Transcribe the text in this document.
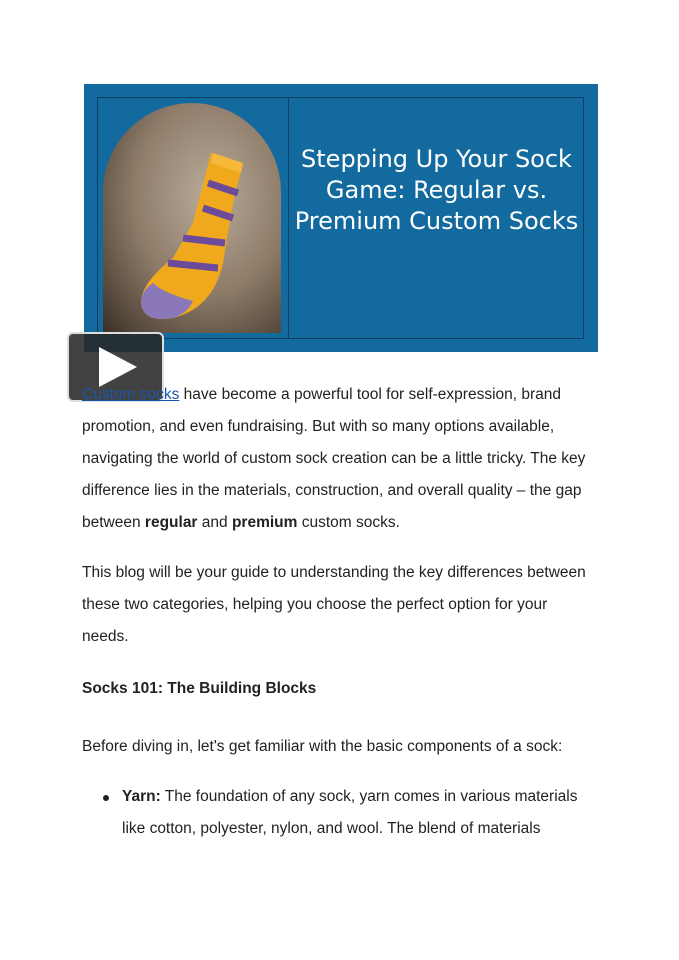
Stepping Up Your Sock Game: Regular vs. Premium Custom Socks

Custom socks have become a powerful tool for self-expression, brand promotion, and even fundraising. But with so many options available, navigating the world of custom sock creation can be a little tricky. The key difference lies in the materials, construction, and overall quality – the gap between regular and premium custom socks.

This blog will be your guide to understanding the key differences between these two categories, helping you choose the perfect option for your needs.

Socks 101: The Building Blocks

Before diving in, let's get familiar with the basic components of a sock:

Yarn: The foundation of any sock, yarn comes in various materials like cotton, polyester, nylon, and wool. The blend of materials
